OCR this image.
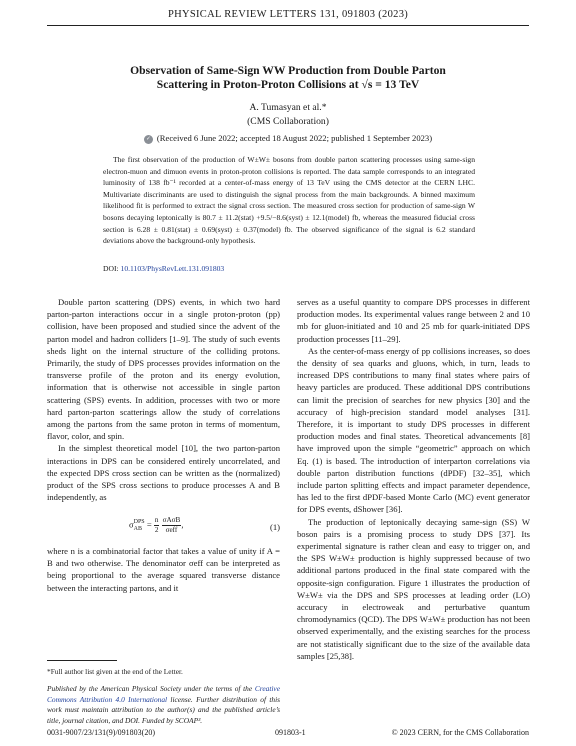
PHYSICAL REVIEW LETTERS 131, 091803 (2023)
Observation of Same-Sign WW Production from Double Parton
Scattering in Proton-Proton Collisions at √s = 13 TeV
A. Tumasyan et al.*
(CMS Collaboration)
✓ (Received 6 June 2022; accepted 18 August 2022; published 1 September 2023)

The first observation of the production of W±W± bosons from double parton scattering processes using same-sign electron-muon and dimuon events in proton-proton collisions is reported. The data sample corresponds to an integrated luminosity of 138 fb⁻¹ recorded at a center-of-mass energy of 13 TeV using the CMS detector at the CERN LHC. Multivariate discriminants are used to distinguish the signal process from the main backgrounds. A binned maximum likelihood fit is performed to extract the signal cross section. The measured cross section for production of same-sign W bosons decaying leptonically is 80.7 ± 11.2(stat) +9.5/−8.6(syst) ± 12.1(model) fb, whereas the measured fiducial cross section is 6.28 ± 0.81(stat) ± 0.69(syst) ± 0.37(model) fb. The observed significance of the signal is 6.2 standard deviations above the background-only hypothesis.

DOI: 10.1103/PhysRevLett.131.091803

Double parton scattering (DPS) events, in which two hard parton-parton interactions occur in a single proton-proton (pp) collision, have been proposed and studied since the advent of the parton model and hadron colliders [1–9]. The study of such events sheds light on the internal structure of the colliding protons. Primarily, the study of DPS processes provides information on the transverse profile of the proton and its energy evolution, information that is otherwise not accessible in single parton scattering (SPS) events. In addition, processes with two or more hard parton-parton scatterings allow the study of correlations among the partons from the same proton in terms of momentum, flavor, color, and spin.

In the simplest theoretical model [10], the two parton-parton interactions in DPS can be considered entirely uncorrelated, and the expected DPS cross section can be written as the (normalized) product of the SPS cross sections to produce processes A and B independently, as

σ DPS
AB = $\frac{n}{2}$
$\frac{\text{σAσB}}{\text{σeff}}$ ,	(1)

where n is a combinatorial factor that takes a value of unity if A = B and two otherwise. The denominator σeff can be interpreted as being proportional to the average squared transverse distance between the interacting partons, and it

serves as a useful quantity to compare DPS processes in different production modes. Its experimental values range between 2 and 10 mb for gluon-initiated and 10 and 25 mb for quark-initiated DPS production processes [11–29].

As the center-of-mass energy of pp collisions increases, so does the density of sea quarks and gluons, which, in turn, leads to increased DPS contributions to many final states where pairs of heavy particles are produced. These additional DPS contributions can limit the precision of searches for new physics [30] and the accuracy of high-precision standard model analyses [31]. Therefore, it is important to study DPS processes in different production modes and final states. Theoretical advancements [8] have improved upon the simple “geometric” approach on which Eq. (1) is based. The introduction of interparton correlations via double parton distribution functions (dPDF) [32–35], which include parton splitting effects and impact parameter dependence, has led to the first dPDF-based Monte Carlo (MC) event generator for DPS events, dShower [36].

The production of leptonically decaying same-sign (SS) W boson pairs is a promising process to study DPS [37]. Its experimental signature is rather clean and easy to trigger on, and the SPS W±W± production is highly suppressed because of two additional partons produced in the final state compared with the opposite-sign configuration. Figure 1 illustrates the production of W±W± via the DPS and SPS processes at leading order (LO) accuracy in electroweak and perturbative quantum chromodynamics (QCD). The DPS W±W± production has not been observed experimentally, and the existing searches for the process are not statistically significant due to the size of the available data samples [25,38].

*Full author list given at the end of the Letter.
Published by the American Physical Society under the terms of the Creative Commons Attribution 4.0 International license. Further distribution of this work must maintain attribution to the author(s) and the published article’s title, journal citation, and DOI. Funded by SCOAP³.
0031-9007/23/131(9)/091803(20)	091803-1	© 2023 CERN, for the CMS Collaboration
